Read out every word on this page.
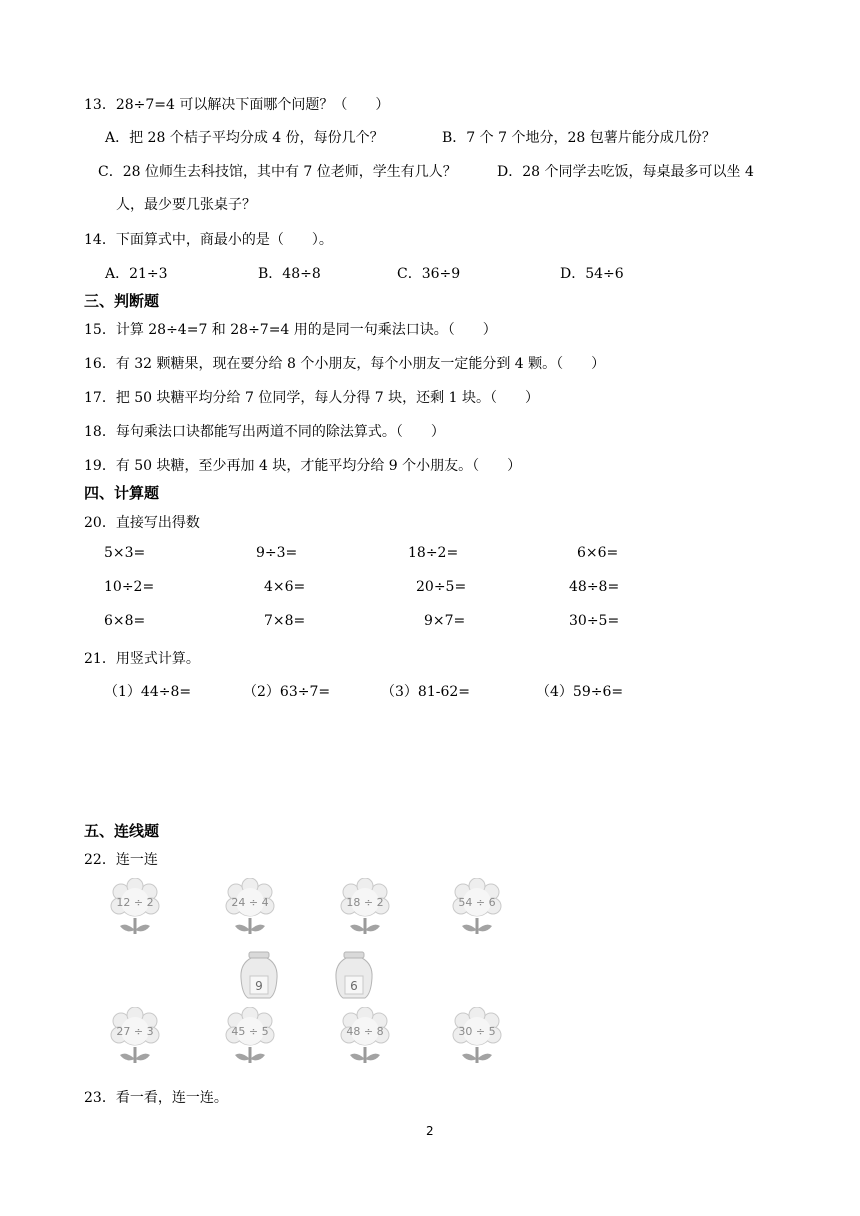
13．28÷7=4 可以解决下面哪个问题？（　　）
A．把 28 个桔子平均分成 4 份，每份几个？	B．7 个 7 个地分，28 包薯片能分成几份？
C．28 位师生去科技馆，其中有 7 位老师，学生有几人？	D．28 个同学去吃饭，每桌最多可以坐 4
人，最少要几张桌子？
14．下面算式中，商最小的是（　　）。
A．21÷3	B．48÷8	C．36÷9	D．54÷6
三、判断题
15．计算 28÷4=7 和 28÷7=4 用的是同一句乘法口诀。（　　）
16．有 32 颗糖果，现在要分给 8 个小朋友，每个小朋友一定能分到 4 颗。（　　）
17．把 50 块糖平均分给 7 位同学，每人分得 7 块，还剩 1 块。（　　）
18．每句乘法口诀都能写出两道不同的除法算式。（　　）
19．有 50 块糖，至少再加 4 块，才能平均分给 9 个小朋友。（　　）
四、计算题
20．直接写出得数
5×3=	9÷3=	18÷2=	6×6=
10÷2=	4×6=	20÷5=	48÷8=
6×8=	7×8=	9×7=	30÷5=
21．用竖式计算。
（1）44÷8=	（2）63÷7=	（3）81-62=	（4）59÷6=
五、连线题
22．连一连
12 ÷ 2	24 ÷ 4	18 ÷ 2	54 ÷ 6
9	6
27 ÷ 3	45 ÷ 5	48 ÷ 8	30 ÷ 5
23．看一看，连一连。
2
